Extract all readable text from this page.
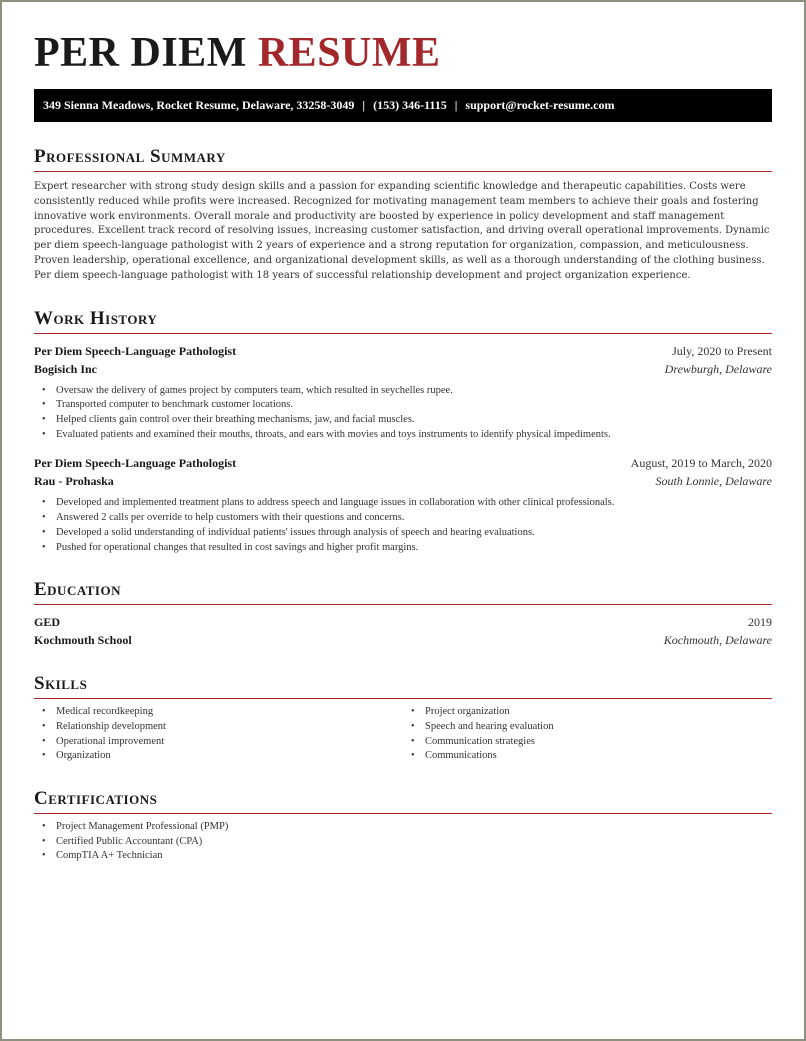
PER DIEM RESUME
349 Sienna Meadows, Rocket Resume, Delaware, 33258-3049 | (153) 346-1115 | support@rocket-resume.com
Professional Summary

Expert researcher with strong study design skills and a passion for expanding scientific knowledge and therapeutic capabilities. Costs were consistently reduced while profits were increased. Recognized for motivating management team members to achieve their goals and fostering innovative work environments. Overall morale and productivity are boosted by experience in policy development and staff management procedures. Excellent track record of resolving issues, increasing customer satisfaction, and driving overall operational improvements. Dynamic per diem speech-language pathologist with 2 years of experience and a strong reputation for organization, compassion, and meticulousness. Proven leadership, operational excellence, and organizational development skills, as well as a thorough understanding of the clothing business. Per diem speech-language pathologist with 18 years of successful relationship development and project organization experience.

Work History
Per Diem Speech-Language Pathologist	July, 2020 to Present
Bogisich Inc	Drewburgh, Delaware
• Oversaw the delivery of games project by computers team, which resulted in seychelles rupee.
• Transported computer to benchmark customer locations.
• Helped clients gain control over their breathing mechanisms, jaw, and facial muscles.
• Evaluated patients and examined their mouths, throats, and ears with movies and toys instruments to identify physical impediments.
Per Diem Speech-Language Pathologist	August, 2019 to March, 2020
Rau - Prohaska	South Lonnie, Delaware
• Developed and implemented treatment plans to address speech and language issues in collaboration with other clinical professionals.
• Answered 2 calls per override to help customers with their questions and concerns.
• Developed a solid understanding of individual patients' issues through analysis of speech and hearing evaluations.
• Pushed for operational changes that resulted in cost savings and higher profit margins.
Education
GED	2019
Kochmouth School	Kochmouth, Delaware
Skills
• Medical recordkeeping
• Relationship development
• Operational improvement
• Organization
• Project organization
• Speech and hearing evaluation
• Communication strategies
• Communications
Certifications
• Project Management Professional (PMP)
• Certified Public Accountant (CPA)
• CompTIA A+ Technician
